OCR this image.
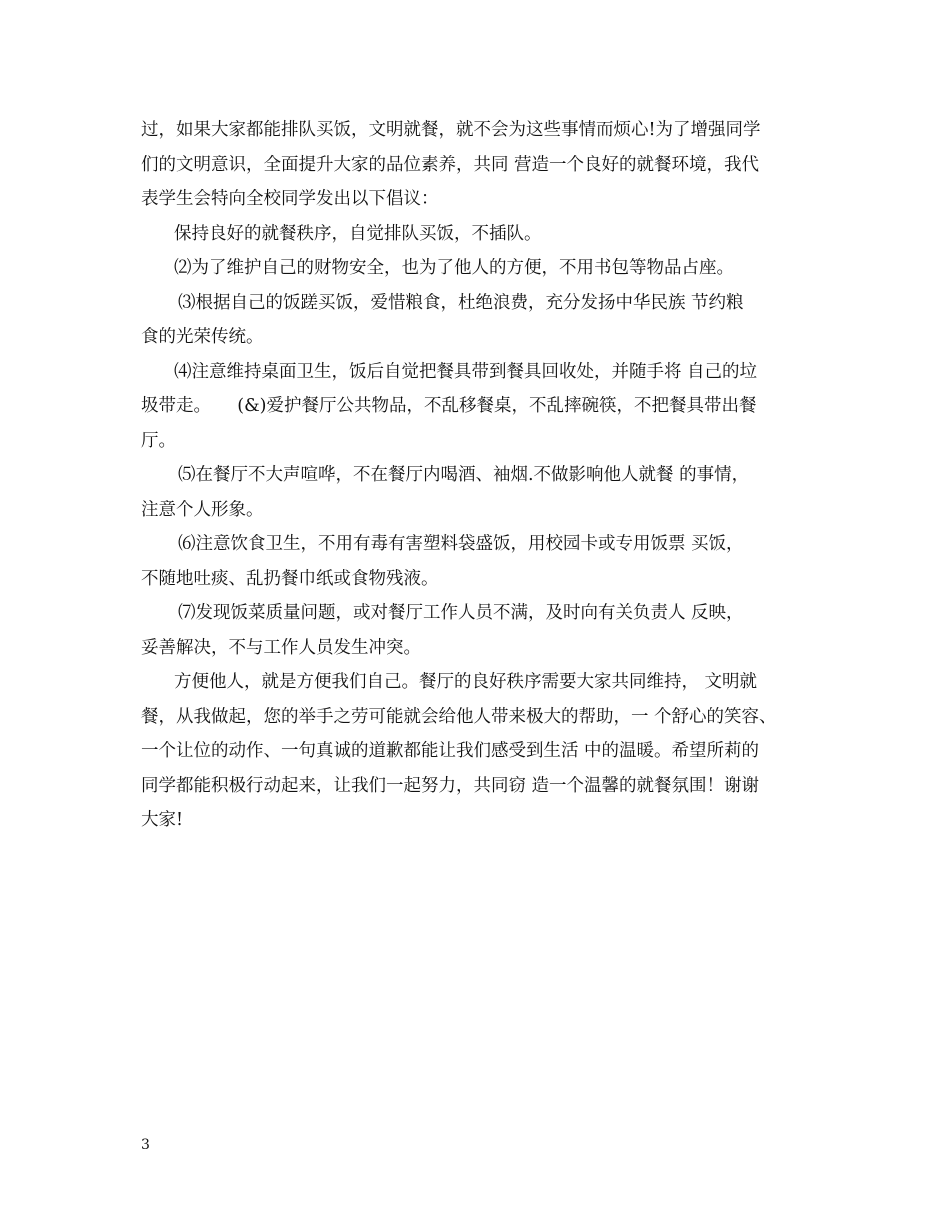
过，如果大家都能排队买饭，文明就餐，就不会为这些事情而烦心!为了增强同学
们的文明意识，全面提升大家的品位素养，共同 营造一个良好的就餐环境，我代
表学生会特向全校同学发出以下倡议：
保持良好的就餐秩序，自觉排队买饭，不插队。
⑵为了维护自己的财物安全，也为了他人的方便，不用书包等物品占座。
⑶根据自己的饭蹉买饭，爱惜粮食，杜绝浪费，充分发扬中华民族 节约粮
食的光荣传统。
⑷注意维持桌面卫生，饭后自觉把餐具带到餐具回收处，并随手将 自己的垃
圾带走。　　(&)爱护餐厅公共物品，不乱移餐桌，不乱摔碗筷，不把餐具带出餐
厅。
⑸在餐厅不大声喧哗，不在餐厅内喝酒、袖烟.不做影响他人就餐 的事情，
注意个人形象。
⑹注意饮食卫生，不用有毒有害塑料袋盛饭，用校园卡或专用饭票 买饭，
不随地吐痰、乱扔餐巾纸或食物残液。
⑺发现饭菜质量问题，或对餐厅工作人员不满，及时向有关负责人 反映，
妥善解决，不与工作人员发生冲突。
方便他人，就是方便我们自己。餐厅的良好秩序需要大家共同维持， 文明就
餐，从我做起，您的举手之劳可能就会给他人带来极大的帮助，一 个舒心的笑容、
一个让位的动作、一句真诚的道歉都能让我们感受到生活 中的温暖。希望所莉的
同学都能积极行动起来，让我们一起努力，共同窃 造一个温馨的就餐氛围！谢谢
大家!
3
